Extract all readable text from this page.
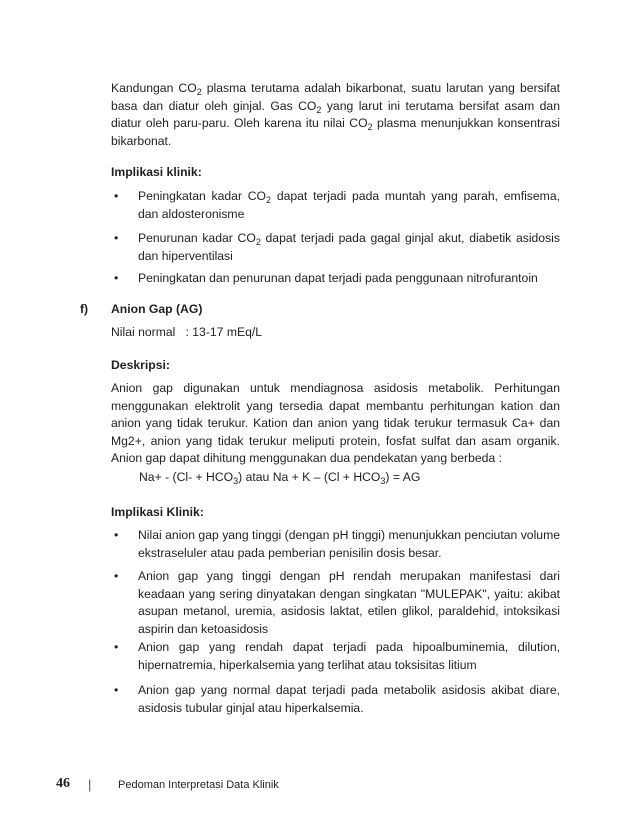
Kandungan $CO_2$ plasma terutama adalah bikarbonat, suatu larutan yang bersifat basa dan diatur oleh ginjal. Gas $CO_2$ yang larut ini terutama bersifat asam dan diatur oleh paru-paru. Oleh karena itu nilai $CO_2$ plasma menunjukkan konsentrasi bikarbonat.

Implikasi klinik:
• Peningkatan kadar $CO_2$ dapat terjadi pada muntah yang parah, emfisema, dan aldosteronisme
• Penurunan kadar $CO_2$ dapat terjadi pada gagal ginjal akut, diabetik asidosis dan hiperventilasi
• Peningkatan dan penurunan dapat terjadi pada penggunaan nitrofurantoin
f) Anion Gap (AG)
Nilai normal   : 13-17 mEq/L
Deskripsi:

Anion gap digunakan untuk mendiagnosa asidosis metabolik. Perhitungan menggunakan elektrolit yang tersedia dapat membantu perhitungan kation dan anion yang tidak terukur. Kation dan anion yang tidak terukur termasuk Ca+ dan Mg2+, anion yang tidak terukur meliputi protein, fosfat sulfat dan asam organik. Anion gap dapat dihitung menggunakan dua pendekatan yang berbeda :

$Na+ - (Cl- + HCO_3)$ atau $Na + K - (Cl + HCO_3)$ = AG
Implikasi Klinik:
• Nilai anion gap yang tinggi (dengan pH tinggi) menunjukkan penciutan volume ekstraseluler atau pada pemberian penisilin dosis besar.
• Anion gap yang tinggi dengan pH rendah merupakan manifestasi dari keadaan yang sering dinyatakan dengan singkatan "MULEPAK", yaitu: akibat asupan metanol, uremia, asidosis laktat, etilen glikol, paraldehid, intoksikasi aspirin dan ketoasidosis
• Anion gap yang rendah dapat terjadi pada hipoalbuminemia, dilution, hipernatremia, hiperkalsemia yang terlihat atau toksisitas litium
• Anion gap yang normal dapat terjadi pada metabolik asidosis akibat diare, asidosis tubular ginjal atau hiperkalsemia.
46 | Pedoman Interpretasi Data Klinik
